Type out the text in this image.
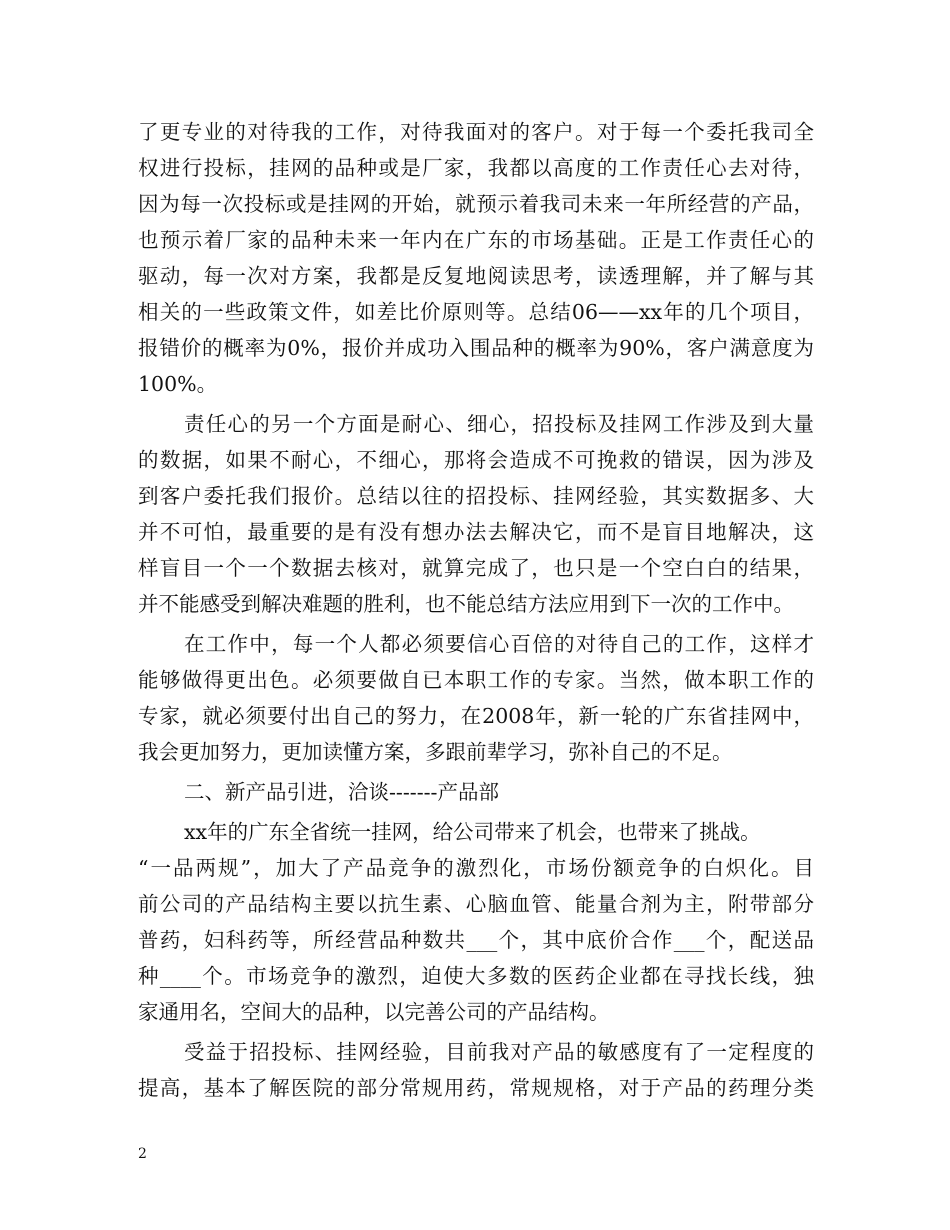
了更专业的对待我的工作，对待我面对的客户。对于每一个委托我司全
权进行投标，挂网的品种或是厂家，我都以高度的工作责任心去对待，
因为每一次投标或是挂网的开始，就预示着我司未来一年所经营的产品，
也预示着厂家的品种未来一年内在广东的市场基础。正是工作责任心的
驱动，每一次对方案，我都是反复地阅读思考，读透理解，并了解与其
相关的一些政策文件，如差比价原则等。总结06——xx年的几个项目，
报错价的概率为0%，报价并成功入围品种的概率为90%，客户满意度为
100%。
责任心的另一个方面是耐心、细心，招投标及挂网工作涉及到大量
的数据，如果不耐心，不细心，那将会造成不可挽救的错误，因为涉及
到客户委托我们报价。总结以往的招投标、挂网经验，其实数据多、大
并不可怕，最重要的是有没有想办法去解决它，而不是盲目地解决，这
样盲目一个一个数据去核对，就算完成了，也只是一个空白白的结果，
并不能感受到解决难题的胜利，也不能总结方法应用到下一次的工作中。
在工作中，每一个人都必须要信心百倍的对待自己的工作，这样才
能够做得更出色。必须要做自已本职工作的专家。当然，做本职工作的
专家，就必须要付出自己的努力，在2008年，新一轮的广东省挂网中，
我会更加努力，更加读懂方案，多跟前辈学习，弥补自己的不足。
二、新产品引进，洽谈-------产品部
xx年的广东全省统一挂网，给公司带来了机会，也带来了挑战。
“一品两规”，加大了产品竞争的激烈化，市场份额竞争的白炽化。目
前公司的产品结构主要以抗生素、心脑血管、能量合剂为主，附带部分
普药，妇科药等，所经营品种数共___个，其中底价合作___个，配送品
种____个。市场竞争的激烈，迫使大多数的医药企业都在寻找长线，独
家通用名，空间大的品种，以完善公司的产品结构。
受益于招投标、挂网经验，目前我对产品的敏感度有了一定程度的
提高，基本了解医院的部分常规用药，常规规格，对于产品的药理分类
2
